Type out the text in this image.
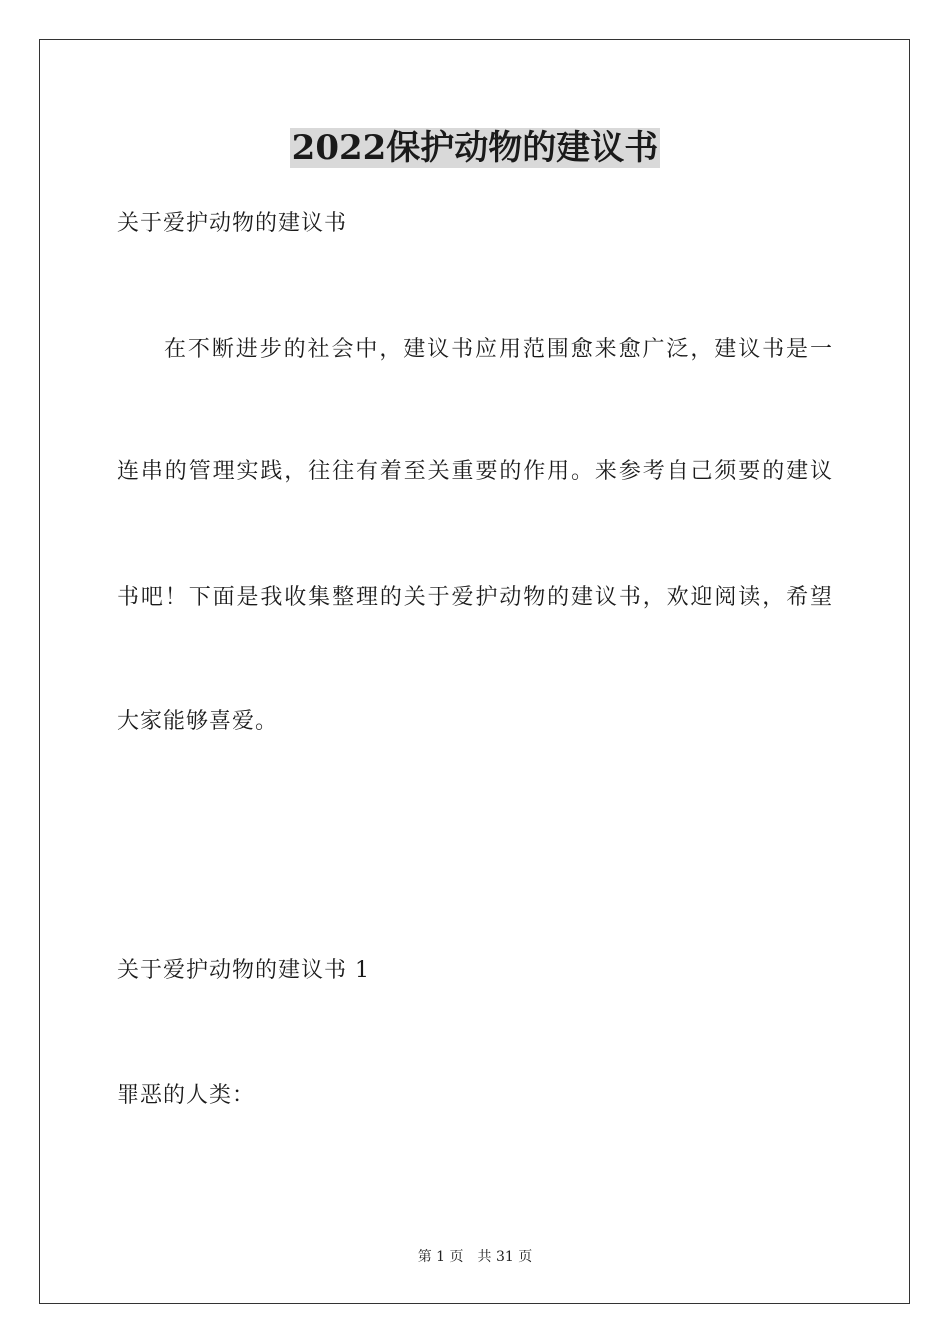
2022保护动物的建议书
关于爱护动物的建议书
在不断进步的社会中，建议书应用范围愈来愈广泛，建议书是一
连串的管理实践，往往有着至关重要的作用。来参考自己须要的建议
书吧！下面是我收集整理的关于爱护动物的建议书，欢迎阅读，希望
大家能够喜爱。
关于爱护动物的建议书 1
罪恶的人类：
第 1 页 共 31 页
